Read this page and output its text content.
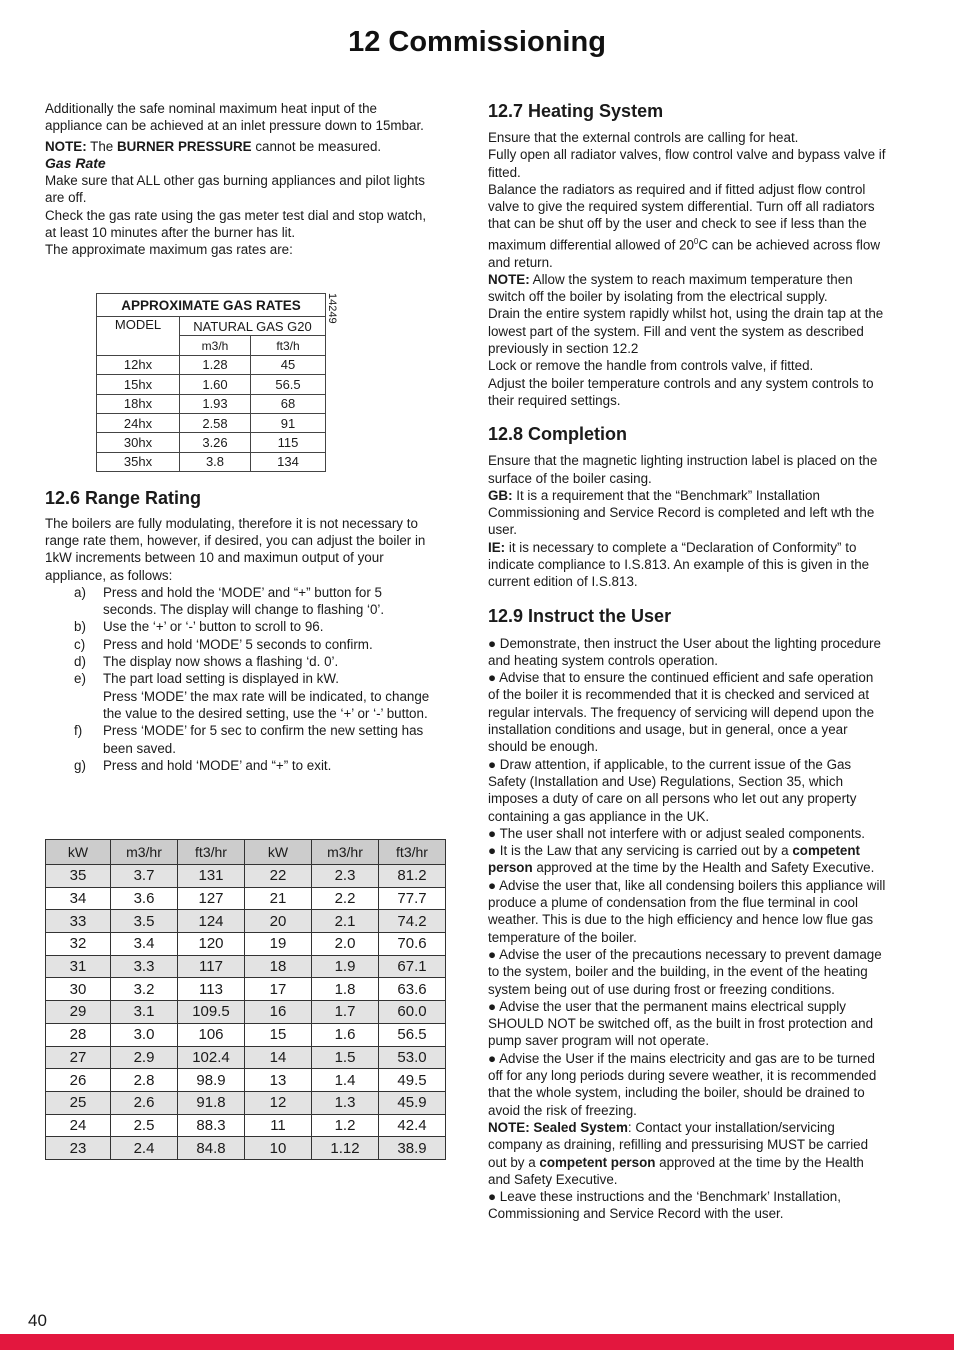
12 Commissioning

Additionally the safe nominal maximum heat input of the appliance can be achieved at an inlet pressure down to 15mbar.

NOTE: The BURNER PRESSURE cannot be measured.

Gas Rate

Make sure that ALL other gas burning appliances and pilot lights are off.

Check the gas rate using the gas meter test dial and stop watch, at least 10 minutes after the burner has lit.

The approximate maximum gas rates are:

12.6 Range Rating

The boilers are fully modulating, therefore it is not necessary to range rate them, however, if desired, you can adjust the boiler in 1kW increments between 10 and maximun output of your appliance, as follows:

a) Press and hold the ‘MODE’ and “+” button for 5 seconds. The display will change to flashing ‘0’.
b) Use the ‘+’ or ‘-’ button to scroll to 96.
c) Press and hold ‘MODE’ 5 seconds to confirm.
d) The display now shows a flashing ‘d. 0’.
e) The part load setting is displayed in kW.
Press ‘MODE’ the max rate will be indicated, to change the value to the desired setting, use the ‘+’ or ‘-’ button.
f) Press ‘MODE’ for 5 sec to confirm the new setting has been saved.
g) Press and hold ‘MODE’ and “+” to exit.
APPROXIMATE GAS RATES		
MODEL	NATURAL GAS G20	
	m3/h	ft3/h
12hx	1.28	45
15hx	1.60	56.5
18hx	1.93	68
24hx	2.58	91
30hx	3.26	115
35hx	3.8	134
14249
kW	m3/hr	ft3/hr	kW	m3/hr	ft3/hr
35	3.7	131	22	2.3	81.2
34	3.6	127	21	2.2	77.7
33	3.5	124	20	2.1	74.2
32	3.4	120	19	2.0	70.6
31	3.3	117	18	1.9	67.1
30	3.2	113	17	1.8	63.6
29	3.1	109.5	16	1.7	60.0
28	3.0	106	15	1.6	56.5
27	2.9	102.4	14	1.5	53.0
26	2.8	98.9	13	1.4	49.5
25	2.6	91.8	12	1.3	45.9
24	2.5	88.3	11	1.2	42.4
23	2.4	84.8	10	1.12	38.9
12.7 Heating System

Ensure that the external controls are calling for heat.

Fully open all radiator valves, flow control valve and bypass valve if fitted.

Balance the radiators as required and if fitted adjust flow control valve to give the required system differential. Turn off all radiators that can be shut off by the user and check to see if less than the maximum differential allowed of $20^0C$ can be achieved across flow and return.

NOTE: Allow the system to reach maximum temperature then switch off the boiler by isolating from the electrical supply.

Drain the entire system rapidly whilst hot, using the drain tap at the lowest part of the system. Fill and vent the system as described previously in section 12.2

Lock or remove the handle from controls valve, if fitted.

Adjust the boiler temperature controls and any system controls to their required settings.

12.8 Completion

Ensure that the magnetic lighting instruction label is placed on the surface of the boiler casing.

GB: It is a requirement that the “Benchmark” Installation Commissioning and Service Record is completed and left wth the user.

IE: it is necessary to complete a “Declaration of Conformity” to indicate compliance to I.S.813. An example of this is given in the current edition of I.S.813.

12.9 Instruct the User

● Demonstrate, then instruct the User about the lighting procedure and heating system controls operation.

● Advise that to ensure the continued efficient and safe operation of the boiler it is recommended that it is checked and serviced at regular intervals. The frequency of servicing will depend upon the installation conditions and usage, but in general, once a year should be enough.

● Draw attention, if applicable, to the current issue of the Gas Safety (Installation and Use) Regulations, Section 35, which imposes a duty of care on all persons who let out any property containing a gas appliance in the UK.

● The user shall not interfere with or adjust sealed components.

● It is the Law that any servicing is carried out by a competent person approved at the time by the Health and Safety Executive.

● Advise the user that, like all condensing boilers this appliance will produce a plume of condensation from the flue terminal in cool weather. This is due to the high efficiency and hence low flue gas temperature of the boiler.

● Advise the user of the precautions necessary to prevent damage to the system, boiler and the building, in the event of the heating system being out of use during frost or freezing conditions.

● Advise the user that the permanent mains electrical supply SHOULD NOT be switched off, as the built in frost protection and pump saver program will not operate.

● Advise the User if the mains electricity and gas are to be turned off for any long periods during severe weather, it is recommended that the whole system, including the boiler, should be drained to avoid the risk of freezing.

NOTE: Sealed System: Contact your installation/servicing company as draining, refilling and pressurising MUST be carried out by a competent person approved at the time by the Health and Safety Executive.

● Leave these instructions and the ‘Benchmark’ Installation, Commissioning and Service Record with the user.

40
